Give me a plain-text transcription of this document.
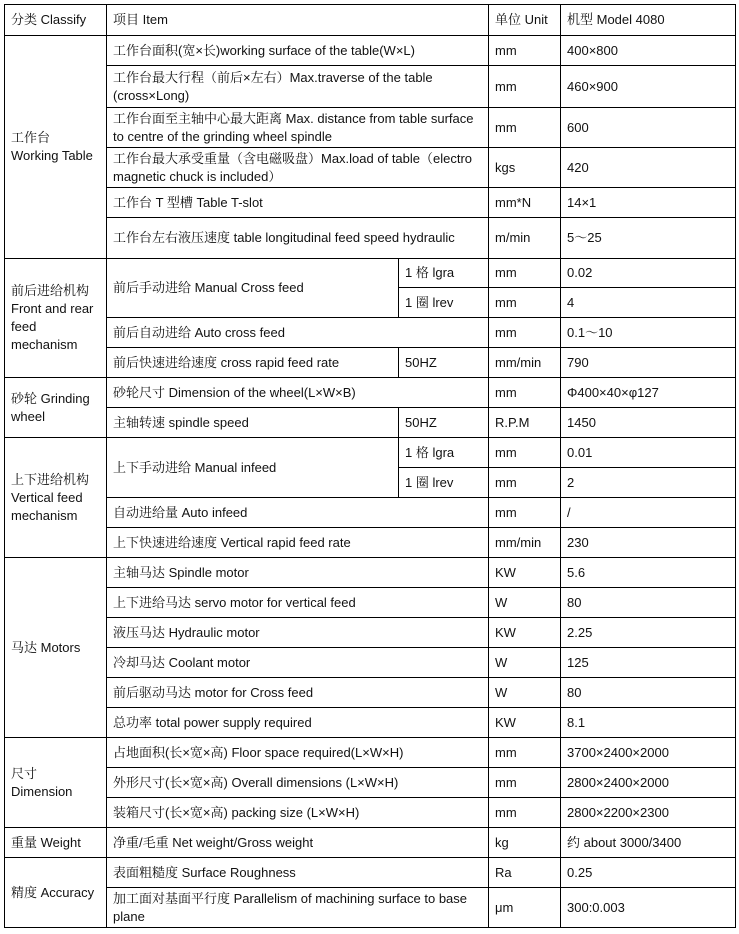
分类 Classify	项目 Item		单位 Unit	机型 Model 4080
工作台 Working Table	工作台面积(宽×长)working surface of the table(W×L)		mm	400×800
	工作台最大行程（前后×左右）Max.traverse of the table (cross×Long)		mm	460×900
	工作台面至主轴中心最大距离 Max. distance from table surface to centre of the grinding wheel spindle		mm	600
	工作台最大承受重量（含电磁吸盘）Max.load of table（electro magnetic chuck is included）		kgs	420
	工作台 T 型槽 Table T-slot		mm*N	14×1
	工作台左右液压速度 table longitudinal feed speed hydraulic		m/min	5～25
前后进给机构 Front and rear feed mechanism	前后手动进给 Manual Cross feed	1 格 lgra	mm	0.02
		1 圈 lrev	mm	4
	前后自动进给 Auto cross feed		mm	0.1～10
	前后快速进给速度 cross rapid feed rate	50HZ	mm/min	790
砂轮 Grinding wheel	砂轮尺寸 Dimension of the wheel(L×W×B)		mm	Φ400×40×φ127
	主轴转速 spindle speed	50HZ	R.P.M	1450
上下进给机构 Vertical feed mechanism	上下手动进给 Manual infeed	1 格 lgra	mm	0.01
		1 圈 lrev	mm	2
	自动进给量 Auto infeed		mm	/
	上下快速进给速度 Vertical rapid feed rate		mm/min	230
马达 Motors	主轴马达 Spindle motor		KW	5.6
	上下进给马达 servo motor for vertical feed		W	80
	液压马达 Hydraulic motor		KW	2.25
	冷却马达 Coolant motor		W	125
	前后驱动马达 motor for Cross feed		W	80
	总功率 total power supply required		KW	8.1
尺寸 Dimension	占地面积(长×宽×高) Floor space required(L×W×H)		mm	3700×2400×2000
	外形尺寸(长×宽×高) Overall dimensions (L×W×H)		mm	2800×2400×2000
	装箱尺寸(长×宽×高) packing size (L×W×H)		mm	2800×2200×2300
重量 Weight	净重/毛重 Net weight/Gross weight		kg	约 about 3000/3400
精度 Accuracy	表面粗糙度 Surface Roughness		Ra	0.25
	加工面对基面平行度 Parallelism of machining surface to base plane		μm	300:0.003
